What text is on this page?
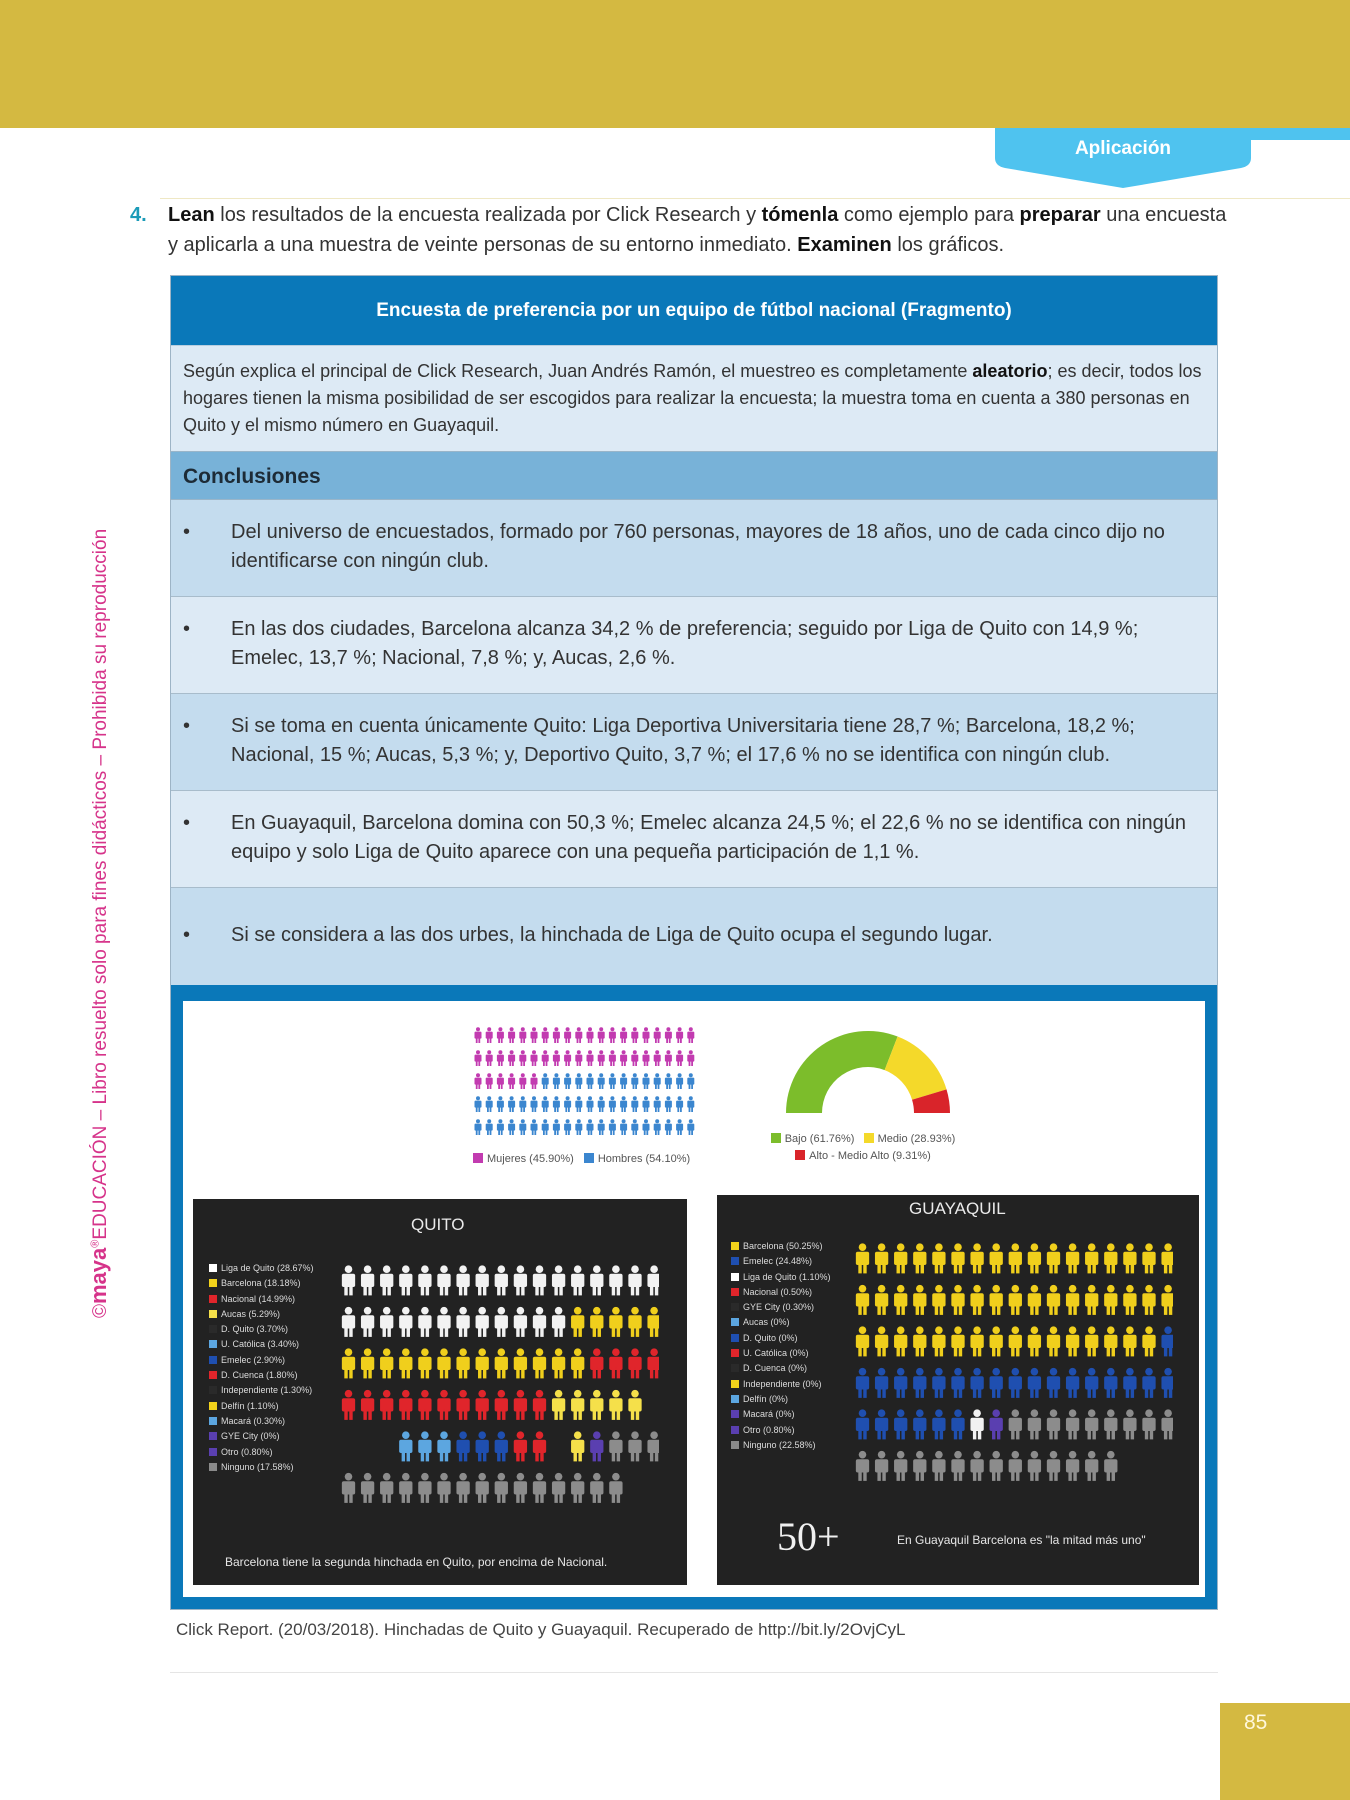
Aplicación
©maya®EDUCACIÓN – Libro resuelto solo para fines didácticos – Prohibida su reproducción
4. Lean los resultados de la encuesta realizada por Click Research y tómenla como ejemplo para preparar una encuesta y aplicarla a una muestra de veinte personas de su entorno inmediato. Examinen los gráficos.
Encuesta de preferencia por un equipo de fútbol nacional (Fragmento)
Según explica el principal de Click Research, Juan Andrés Ramón, el muestreo es completamente aleatorio; es decir, todos los hogares tienen la misma posibilidad de ser escogidos para realizar la encuesta; la muestra toma en cuenta a 380 personas en Quito y el mismo número en Guayaquil.
Conclusiones
• Del universo de encuestados, formado por 760 personas, mayores de 18 años, uno de cada cinco dijo no identificarse con ningún club.
• En las dos ciudades, Barcelona alcanza 34,2 % de preferencia; seguido por Liga de Quito con 14,9 %; Emelec, 13,7 %; Nacional, 7,8 %; y, Aucas, 2,6 %.
• Si se toma en cuenta únicamente Quito: Liga Deportiva Universitaria tiene 28,7 %; Barcelona, 18,2 %; Nacional, 15 %; Aucas, 5,3 %; y, Deportivo Quito, 3,7 %; el 17,6 % no se identifica con ningún club.
• En Guayaquil, Barcelona domina con 50,3 %; Emelec alcanza 24,5 %; el 22,6 % no se identifica con ningún equipo y solo Liga de Quito aparece con una pequeña participación de 1,1 %.
• Si se considera a las dos urbes, la hinchada de Liga de Quito ocupa el segundo lugar.
Mujeres (45.90%)	Hombres (54.10%)
Bajo (61.76%) Medio (28.93%)
Alto - Medio Alto (9.31%)
QUITO
Liga de Quito (28.67%)
Barcelona (18.18%)
Nacional (14.99%)
Aucas (5.29%)
D. Quito (3.70%)
U. Católica (3.40%)
Emelec (2.90%)
D. Cuenca (1.80%)
Independiente (1.30%)
Delfín (1.10%)
Macará (0.30%)
GYE City (0%)
Otro (0.80%)
Ninguno (17.58%)
Barcelona tiene la segunda hinchada en Quito, por encima de Nacional.
GUAYAQUIL
Barcelona (50.25%)
Emelec (24.48%)
Liga de Quito (1.10%)
Nacional (0.50%)
GYE City (0.30%)
Aucas (0%)
D. Quito (0%)
U. Católica (0%)
D. Cuenca (0%)
Independiente (0%)
Delfín (0%)
Macará (0%)
Otro (0.80%)
Ninguno (22.58%)
50+	En Guayaquil Barcelona es "la mitad más uno"
Click Report. (20/03/2018). Hinchadas de Quito y Guayaquil. Recuperado de http://bit.ly/2OvjCyL
85
